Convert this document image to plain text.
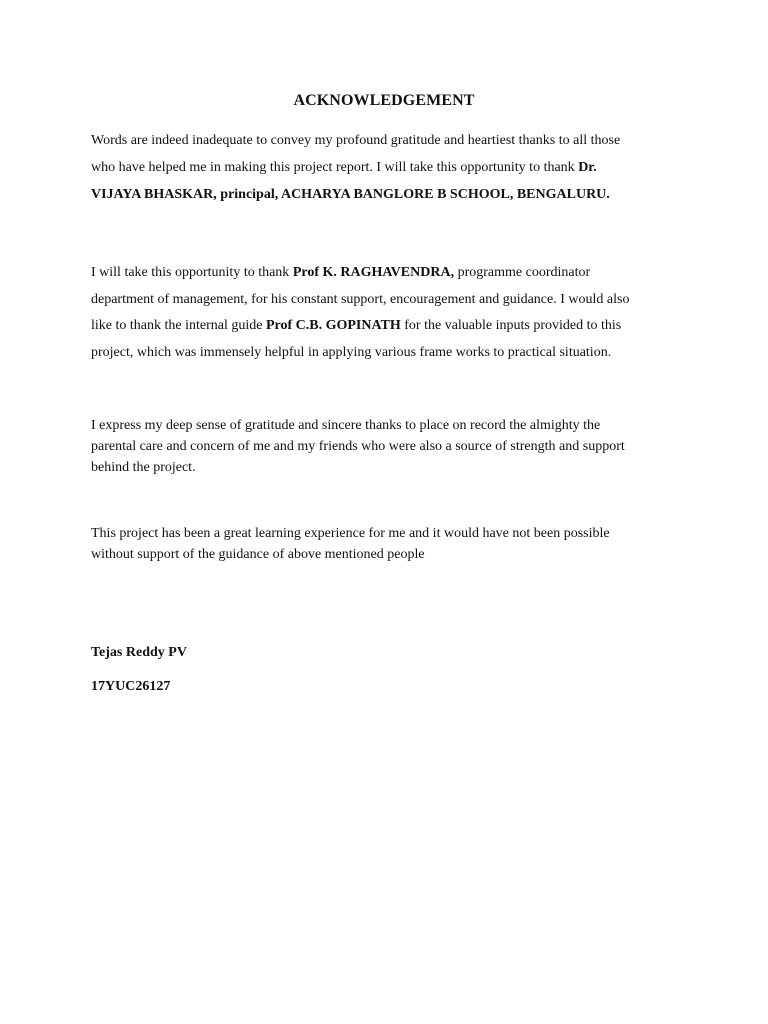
ACKNOWLEDGEMENT
Words are indeed inadequate to convey my profound gratitude and heartiest thanks to all those
who have helped me in making this project report. I will take this opportunity to thank Dr.
VIJAYA BHASKAR, principal, ACHARYA BANGLORE B SCHOOL, BENGALURU.
I will take this opportunity to thank Prof K. RAGHAVENDRA, programme coordinator
department of management, for his constant support, encouragement and guidance. I would also
like to thank the internal guide Prof C.B. GOPINATH for the valuable inputs provided to this
project, which was immensely helpful in applying various frame works to practical situation.
I express my deep sense of gratitude and sincere thanks to place on record the almighty the
parental care and concern of me and my friends who were also a source of strength and support
behind the project.
This project has been a great learning experience for me and it would have not been possible
without support of the guidance of above mentioned people
Tejas Reddy PV
17YUC26127
